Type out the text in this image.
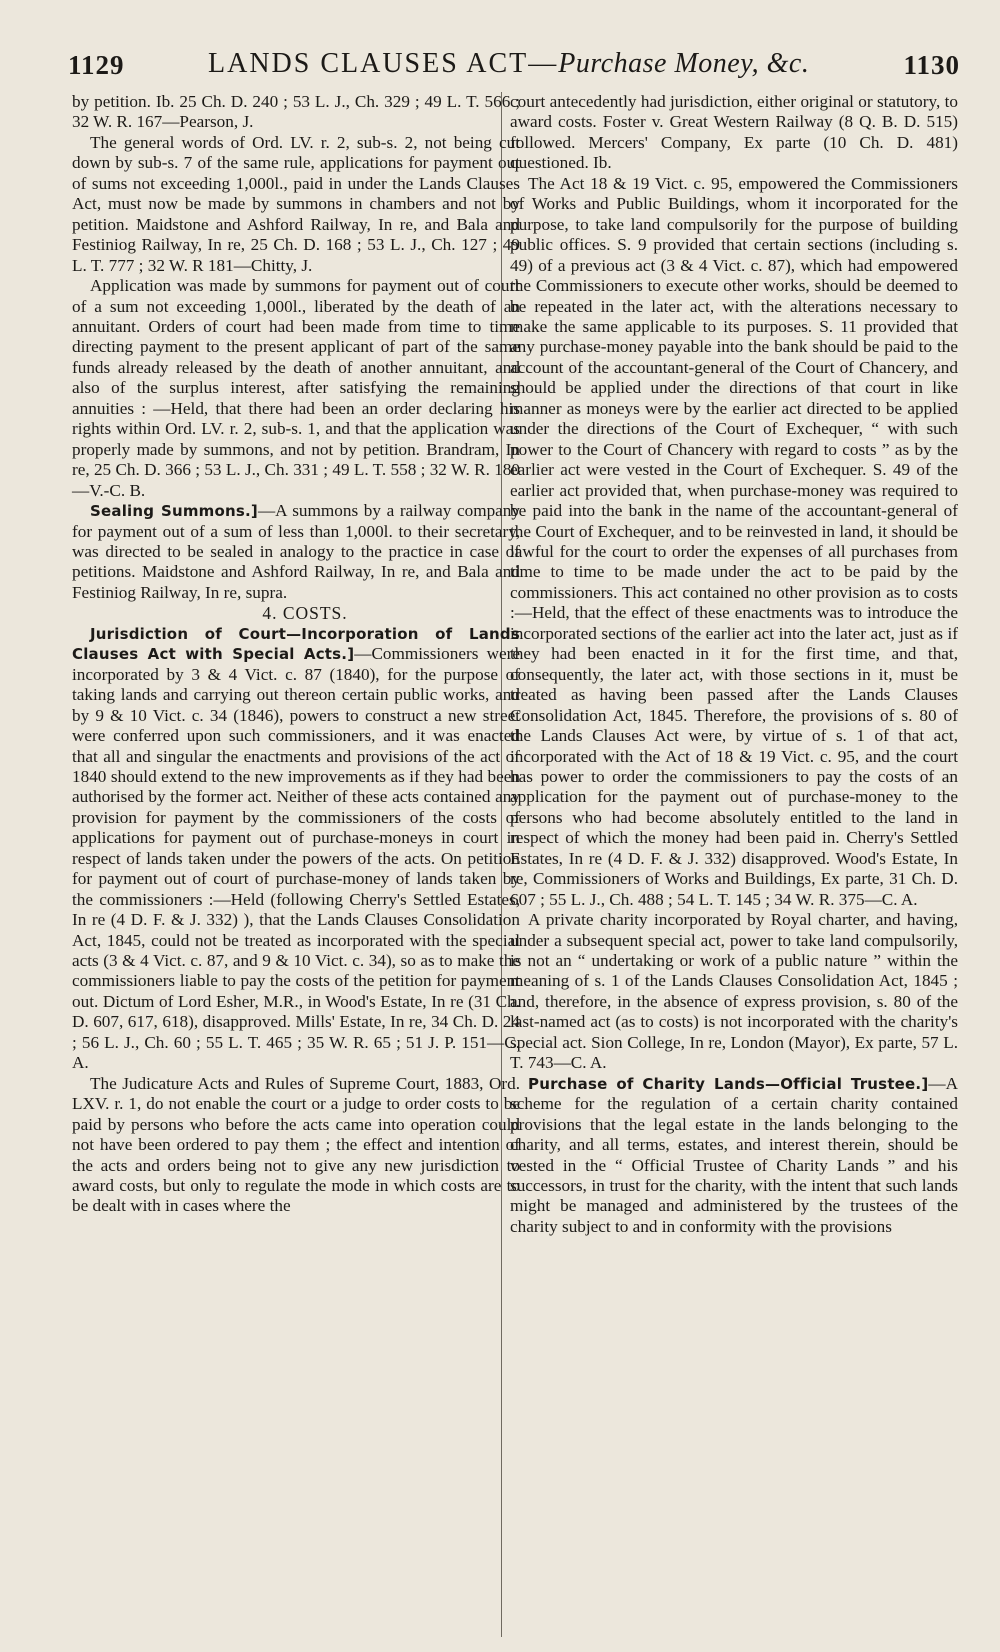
1129	LANDS CLAUSES ACT—Purchase Money, &c.	1130

by petition. Ib. 25 Ch. D. 240 ; 53 L. J., Ch. 329 ; 49 L. T. 566 ; 32 W. R. 167—Pearson, J.

The general words of Ord. LV. r. 2, sub-s. 2, not being cut down by sub-s. 7 of the same rule, applications for payment out of sums not exceeding 1,000l., paid in under the Lands Clauses Act, must now be made by summons in chambers and not by petition. Maidstone and Ashford Railway, In re, and Bala and Festiniog Railway, In re, 25 Ch. D. 168 ; 53 L. J., Ch. 127 ; 49 L. T. 777 ; 32 W. R 181—Chitty, J.

Application was made by summons for payment out of court of a sum not exceeding 1,000l., liberated by the death of an annuitant. Orders of court had been made from time to time directing payment to the present applicant of part of the same funds already released by the death of another annuitant, and also of the surplus interest, after satisfying the remaining annuities : —Held, that there had been an order declaring his rights within Ord. LV. r. 2, sub-s. 1, and that the application was properly made by summons, and not by petition. Brandram, In re, 25 Ch. D. 366 ; 53 L. J., Ch. 331 ; 49 L. T. 558 ; 32 W. R. 180—V.-C. B.

Sealing Summons.]—A summons by a railway company for payment out of a sum of less than 1,000l. to their secretary, was directed to be sealed in analogy to the practice in case of petitions. Maidstone and Ashford Railway, In re, and Bala and Festiniog Railway, In re, supra.

4. COSTS.

Jurisdiction of Court—Incorporation of Lands Clauses Act with Special Acts.]—Commissioners were incorporated by 3 & 4 Vict. c. 87 (1840), for the purpose of taking lands and carrying out thereon certain public works, and by 9 & 10 Vict. c. 34 (1846), powers to construct a new street were conferred upon such commissioners, and it was enacted that all and singular the enactments and provisions of the act of 1840 should extend to the new improvements as if they had been authorised by the former act. Neither of these acts contained any provision for payment by the commissioners of the costs of applications for payment out of purchase-moneys in court in respect of lands taken under the powers of the acts. On petition for payment out of court of purchase-money of lands taken by the commissioners :—Held (following Cherry's Settled Estates, In re (4 D. F. & J. 332) ), that the Lands Clauses Consolidation Act, 1845, could not be treated as incorporated with the special acts (3 & 4 Vict. c. 87, and 9 & 10 Vict. c. 34), so as to make the commissioners liable to pay the costs of the petition for payment out. Dictum of Lord Esher, M.R., in Wood's Estate, In re (31 Ch. D. 607, 617, 618), disapproved. Mills' Estate, In re, 34 Ch. D. 24 ; 56 L. J., Ch. 60 ; 55 L. T. 465 ; 35 W. R. 65 ; 51 J. P. 151—C. A.

The Judicature Acts and Rules of Supreme Court, 1883, Ord. LXV. r. 1, do not enable the court or a judge to order costs to be paid by persons who before the acts came into operation could not have been ordered to pay them ; the effect and intention of the acts and orders being not to give any new jurisdiction to award costs, but only to regulate the mode in which costs are to be dealt with in cases where the

court antecedently had jurisdiction, either original or statutory, to award costs. Foster v. Great Western Railway (8 Q. B. D. 515) followed. Mercers' Company, Ex parte (10 Ch. D. 481) questioned. Ib.

The Act 18 & 19 Vict. c. 95, empowered the Commissioners of Works and Public Buildings, whom it incorporated for the purpose, to take land compulsorily for the purpose of building public offices. S. 9 provided that certain sections (including s. 49) of a previous act (3 & 4 Vict. c. 87), which had empowered the Commissioners to execute other works, should be deemed to be repeated in the later act, with the alterations necessary to make the same applicable to its purposes. S. 11 provided that any purchase-money payable into the bank should be paid to the account of the accountant-general of the Court of Chancery, and should be applied under the directions of that court in like manner as moneys were by the earlier act directed to be applied under the directions of the Court of Exchequer, “ with such power to the Court of Chancery with regard to costs ” as by the earlier act were vested in the Court of Exchequer. S. 49 of the earlier act provided that, when purchase-money was required to be paid into the bank in the name of the accountant-general of the Court of Exchequer, and to be reinvested in land, it should be lawful for the court to order the expenses of all purchases from time to time to be made under the act to be paid by the commissioners. This act contained no other provision as to costs :—Held, that the effect of these enactments was to introduce the incorporated sections of the earlier act into the later act, just as if they had been enacted in it for the first time, and that, consequently, the later act, with those sections in it, must be treated as having been passed after the Lands Clauses Consolidation Act, 1845. Therefore, the provisions of s. 80 of the Lands Clauses Act were, by virtue of s. 1 of that act, incorporated with the Act of 18 & 19 Vict. c. 95, and the court has power to order the commissioners to pay the costs of an application for the payment out of purchase-money to the persons who had become absolutely entitled to the land in respect of which the money had been paid in. Cherry's Settled Estates, In re (4 D. F. & J. 332) disapproved. Wood's Estate, In re, Commissioners of Works and Buildings, Ex parte, 31 Ch. D. 607 ; 55 L. J., Ch. 488 ; 54 L. T. 145 ; 34 W. R. 375—C. A.

A private charity incorporated by Royal charter, and having, under a subsequent special act, power to take land compulsorily, is not an “ undertaking or work of a public nature ” within the meaning of s. 1 of the Lands Clauses Consolidation Act, 1845 ; and, therefore, in the absence of express provision, s. 80 of the last-named act (as to costs) is not incorporated with the charity's special act. Sion College, In re, London (Mayor), Ex parte, 57 L. T. 743—C. A.

Purchase of Charity Lands—Official Trustee.]—A scheme for the regulation of a certain charity contained provisions that the legal estate in the lands belonging to the charity, and all terms, estates, and interest therein, should be vested in the “ Official Trustee of Charity Lands ” and his successors, in trust for the charity, with the intent that such lands might be managed and administered by the trustees of the charity subject to and in conformity with the provisions
